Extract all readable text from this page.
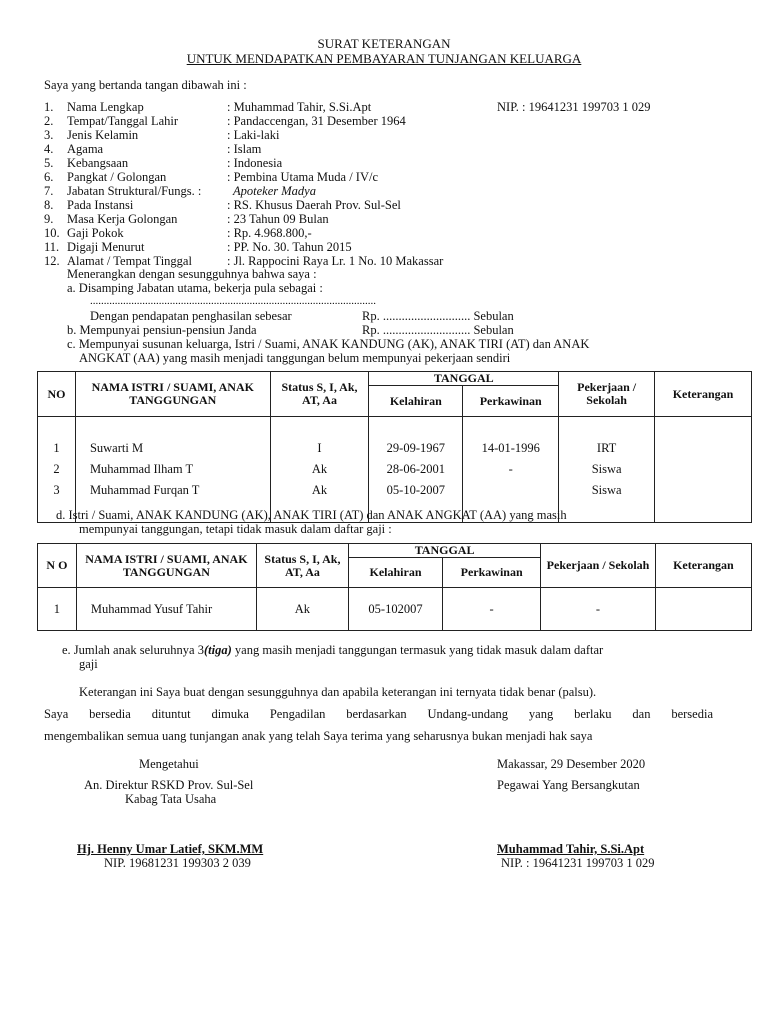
SURAT KETERANGAN
UNTUK MENDAPATKAN PEMBAYARAN TUNJANGAN KELUARGA
Saya yang bertanda tangan dibawah ini :
1. Nama Lengkap	: Muhammad Tahir, S.Si.Apt
2. Tempat/Tanggal Lahir	: Pandaccengan, 31 Desember 1964
3. Jenis Kelamin	: Laki-laki
4. Agama	: Islam
5. Kebangsaan	: Indonesia
6. Pangkat / Golongan	: Pembina Utama Muda / IV/c
7. Jabatan Struktural/Fungs. :	Apoteker Madya
8. Pada Instansi	: RS. Khusus Daerah Prov. Sul-Sel
9. Masa Kerja Golongan	: 23 Tahun 09 Bulan
10. Gaji Pokok	: Rp. 4.968.800,-
11. Digaji Menurut	: PP. No. 30. Tahun 2015
12. Alamat / Tempat Tinggal	: Jl. Rappocini Raya Lr. 1 No. 10 Makassar
NIP. : 19641231 199703 1 029
Menerangkan dengan sesungguhnya bahwa saya :
a. Disamping Jabatan utama, bekerja pula sebagai :
........................................................................................................
Dengan pendapatan penghasilan sebesar	Rp. ............................ Sebulan
b. Mempunyai pensiun-pensiun Janda	Rp. ............................ Sebulan
c. Mempunyai susunan keluarga, Istri / Suami, ANAK KANDUNG (AK), ANAK TIRI (AT) dan ANAK
ANGKAT (AA) yang masih menjadi tanggungan belum mempunyai pekerjaan sendiri
NO	NAMA ISTRI / SUAMI, ANAK TANGGUNGAN	Status S, I, Ak, AT, Aa	TANGGAL		Pekerjaan / Sekolah	Keterangan
			Kelahiran	Perkawinan		

1	Suwarti M	I	29-09-1967	14-01-1996	IRT	
2	Muhammad Ilham T	Ak	28-06-2001	-	Siswa	
3	Muhammad Furqan T	Ak	05-10-2007		Siswa	

d. Istri / Suami, ANAK KANDUNG (AK), ANAK TIRI (AT) dan ANAK ANGKAT (AA) yang masih
mempunyai tanggungan, tetapi tidak masuk dalam daftar gaji :
N O	NAMA ISTRI / SUAMI, ANAK TANGGUNGAN	Status S, I, Ak, AT, Aa	TANGGAL		Pekerjaan / Sekolah	Keterangan
			Kelahiran	Perkawinan		
1	Muhammad Yusuf Tahir	Ak	05-102007	-	-	
e. Jumlah anak seluruhnya 3(tiga) yang masih menjadi tanggungan termasuk yang tidak masuk dalam daftar
gaji
Keterangan ini Saya buat dengan sesungguhnya dan apabila keterangan ini ternyata tidak benar (palsu).
Saya bersedia dituntut dimuka Pengadilan berdasarkan Undang-undang yang berlaku dan bersedia
mengembalikan semua uang tunjangan anak yang telah Saya terima yang seharusnya bukan menjadi hak saya
Mengetahui
An. Direktur RSKD Prov. Sul-Sel
Kabag Tata Usaha
Hj. Henny Umar Latief, SKM.MM
NIP. 19681231 199303 2 039
Makassar, 29 Desember 2020
Pegawai Yang Bersangkutan
Muhammad Tahir, S.Si.Apt
NIP. : 19641231 199703 1 029
